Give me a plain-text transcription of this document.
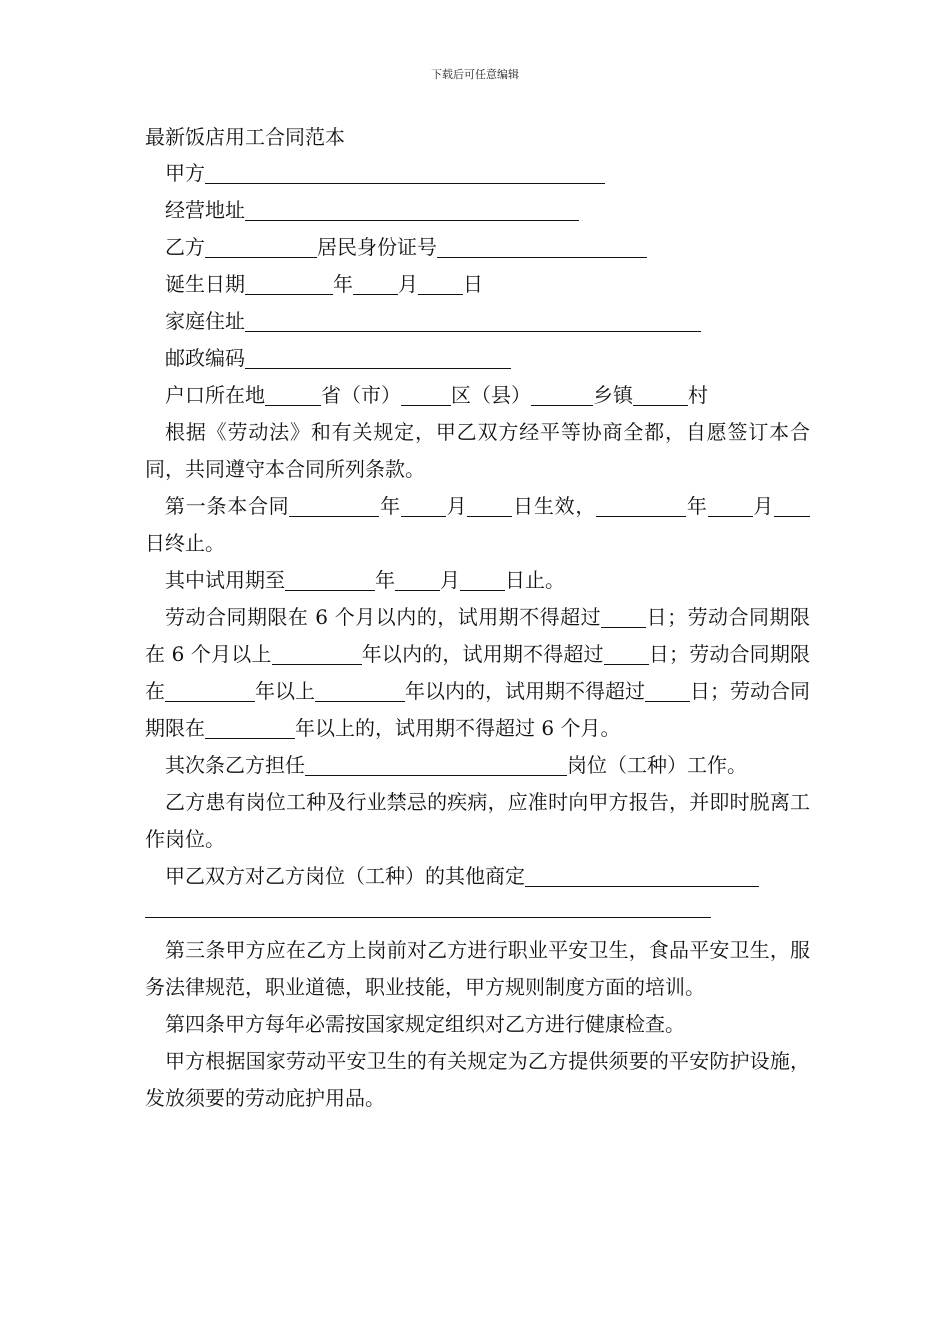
下载后可任意编辑
最新饭店用工合同范本
甲方
经营地址
乙方	居民身份证号
诞生日期	年 月 日
家庭住址
邮政编码
户口所在地	省（市）	区（县）	乡镇	村
根据《劳动法》和有关规定，甲乙双方经平等协商全都，自愿签订本合同，共同遵守本合同所列条款。
第一条本合同	年 月 日生效，	年 月日终止。
其中试用期至	年 月 日止。
劳动合同期限在 6 个月以内的，试用期不得超过 日；劳动合同期限在 6 个月以上	年以内的，试用期不得超过 日；劳动合同期限在	年以上	年以内的，试用期不得超过 日；劳动合同期限在	年以上的，试用期不得超过 6 个月。
其次条乙方担任	岗位（工种）工作。
乙方患有岗位工种及行业禁忌的疾病，应准时向甲方报告，并即时脱离工作岗位。
甲乙双方对乙方岗位（工种）的其他商定
第三条甲方应在乙方上岗前对乙方进行职业平安卫生，食品平安卫生，服务法律规范，职业道德，职业技能，甲方规则制度方面的培训。
第四条甲方每年必需按国家规定组织对乙方进行健康检查。
甲方根据国家劳动平安卫生的有关规定为乙方提供须要的平安防护设施，发放须要的劳动庇护用品。
